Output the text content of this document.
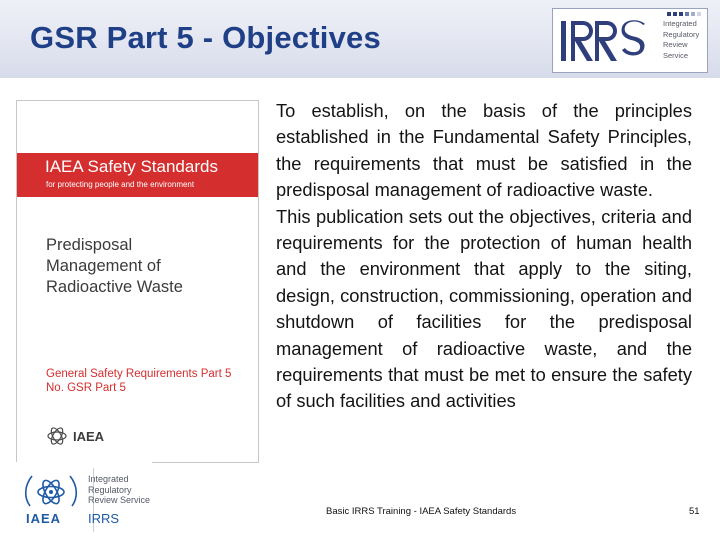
GSR Part 5 - Objectives	Integrated
Regulatory
Review
Service
IAEA Safety Standards
for protecting people and the environment
Predisposal
Management of
Radioactive Waste
General Safety Requirements Part 5
No. GSR Part 5
IAEA

To establish, on the basis of the principles established in the Fundamental Safety Principles, the requirements that must be satisfied in the predisposal management of radioactive waste.

This publication sets out the objectives, criteria and requirements for the protection of human health and the environment that apply to the siting, design, construction, commissioning, operation and shutdown of facilities for the predisposal management of radioactive waste, and the requirements that must be met to ensure the safety of such facilities and activities

IAEA
Integrated
Regulatory
Review Service
IRRS	Basic IRRS Training - IAEA Safety Standards	51
